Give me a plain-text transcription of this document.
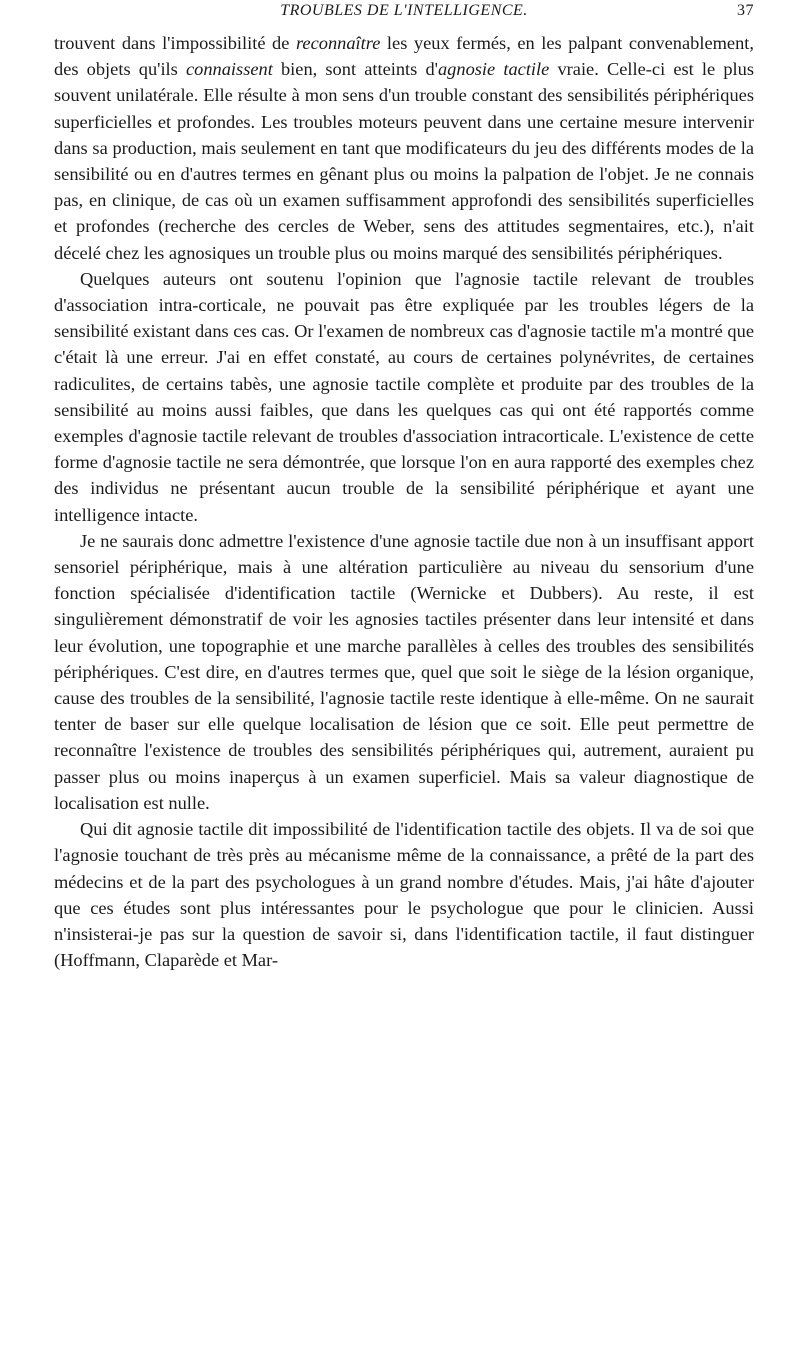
TROUBLES DE L'INTELLIGENCE.	37

trouvent dans l'impossibilité de reconnaître les yeux fermés, en les palpant convenablement, des objets qu'ils connaissent bien, sont atteints d'agnosie tactile vraie. Celle-ci est le plus souvent unilatérale. Elle résulte à mon sens d'un trouble constant des sensibilités périphériques superficielles et profondes. Les troubles moteurs peuvent dans une certaine mesure intervenir dans sa production, mais seulement en tant que modificateurs du jeu des différents modes de la sensibilité ou en d'autres termes en gênant plus ou moins la palpation de l'objet. Je ne connais pas, en clinique, de cas où un examen suffisamment approfondi des sensibilités superficielles et profondes (recherche des cercles de Weber, sens des attitudes segmentaires, etc.), n'ait décelé chez les agnosiques un trouble plus ou moins marqué des sensibilités périphériques.

Quelques auteurs ont soutenu l'opinion que l'agnosie tactile relevant de troubles d'association intra-corticale, ne pouvait pas être expliquée par les troubles légers de la sensibilité existant dans ces cas. Or l'examen de nombreux cas d'agnosie tactile m'a montré que c'était là une erreur. J'ai en effet constaté, au cours de certaines polynévrites, de certaines radiculites, de certains tabès, une agnosie tactile complète et produite par des troubles de la sensibilité au moins aussi faibles, que dans les quelques cas qui ont été rapportés comme exemples d'agnosie tactile relevant de troubles d'association intracorticale. L'existence de cette forme d'agnosie tactile ne sera démontrée, que lorsque l'on en aura rapporté des exemples chez des individus ne présentant aucun trouble de la sensibilité périphérique et ayant une intelligence intacte.

Je ne saurais donc admettre l'existence d'une agnosie tactile due non à un insuffisant apport sensoriel périphérique, mais à une altération particulière au niveau du sensorium d'une fonction spécialisée d'identification tactile (Wernicke et Dubbers). Au reste, il est singulièrement démonstratif de voir les agnosies tactiles présenter dans leur intensité et dans leur évolution, une topographie et une marche parallèles à celles des troubles des sensibilités périphériques. C'est dire, en d'autres termes que, quel que soit le siège de la lésion organique, cause des troubles de la sensibilité, l'agnosie tactile reste identique à elle-même. On ne saurait tenter de baser sur elle quelque localisation de lésion que ce soit. Elle peut permettre de reconnaître l'existence de troubles des sensibilités périphériques qui, autrement, auraient pu passer plus ou moins inaperçus à un examen superficiel. Mais sa valeur diagnostique de localisation est nulle.

Qui dit agnosie tactile dit impossibilité de l'identification tactile des objets. Il va de soi que l'agnosie touchant de très près au mécanisme même de la connaissance, a prêté de la part des médecins et de la part des psychologues à un grand nombre d'études. Mais, j'ai hâte d'ajouter que ces études sont plus intéressantes pour le psychologue que pour le clinicien. Aussi n'insisterai-je pas sur la question de savoir si, dans l'identification tactile, il faut distinguer (Hoffmann, Claparède et Mar-
